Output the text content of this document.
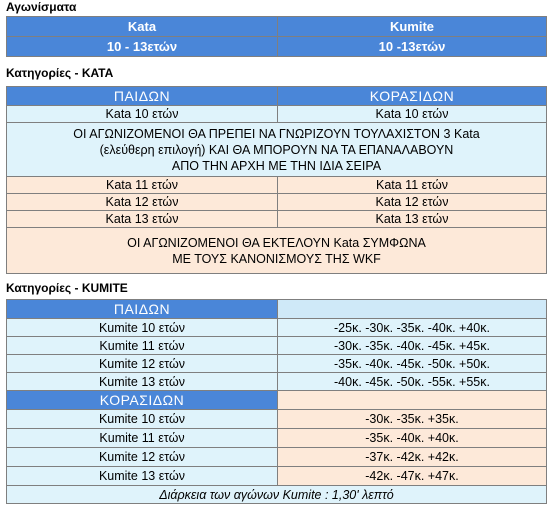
Αγωνίσματα
Kata	Kumite
10 - 13ετών	10 -13ετών
Κατηγορίες - ΚΑΤΑ
ΠΑΙΔΩΝ	ΚΟΡΑΣΙΔΩΝ
Kata 10 ετών	Kata 10 ετών

ΟΙ ΑΓΩΝΙΖΟΜΕΝΟΙ ΘΑ ΠΡΕΠΕΙ ΝΑ ΓΝΩΡΙΖΟΥΝ ΤΟΥΛΑΧΙΣΤΟΝ 3 Kata
(ελεύθερη επιλογή) ΚΑΙ ΘΑ ΜΠΟΡΟΥΝ ΝΑ ΤΑ ΕΠΑΝΑΛΑΒΟΥΝ
ΑΠΟ ΤΗΝ ΑΡΧΗ ΜΕ ΤΗΝ ΙΔΙΑ ΣΕΙΡΑ	

Kata 11 ετών	Kata 11 ετών
Kata 12 ετών	Kata 12 ετών
Kata 13 ετών	Kata 13 ετών

ΟΙ ΑΓΩΝΙΖΟΜΕΝΟΙ ΘΑ ΕΚΤΕΛΟΥΝ Kata ΣΥΜΦΩΝΑ
ΜΕ ΤΟΥΣ ΚΑΝΟΝΙΣΜΟΥΣ ΤΗΣ WKF	
Κατηγορίες - KUMITE
ΠΑΙΔΩΝ	
Kumite 10 ετών	-25κ. -30κ. -35κ. -40κ. +40κ.
Kumite 11 ετών	-30κ. -35κ. -40κ. -45κ. +45κ.
Kumite 12 ετών	-35κ. -40κ. -45κ. -50κ. +50κ.
Kumite 13 ετών	-40κ. -45κ. -50κ. -55κ. +55κ.
ΚΟΡΑΣΙΔΩΝ	
Kumite 10 ετών	-30κ. -35κ. +35κ.
Kumite 11 ετών	-35κ. -40κ. +40κ.
Kumite 12 ετών	-37κ. -42κ. +42κ.
Kumite 13 ετών	-42κ. -47κ. +47κ.
Διάρκεια των αγώνων Kumite : 1,30' λεπτό	
